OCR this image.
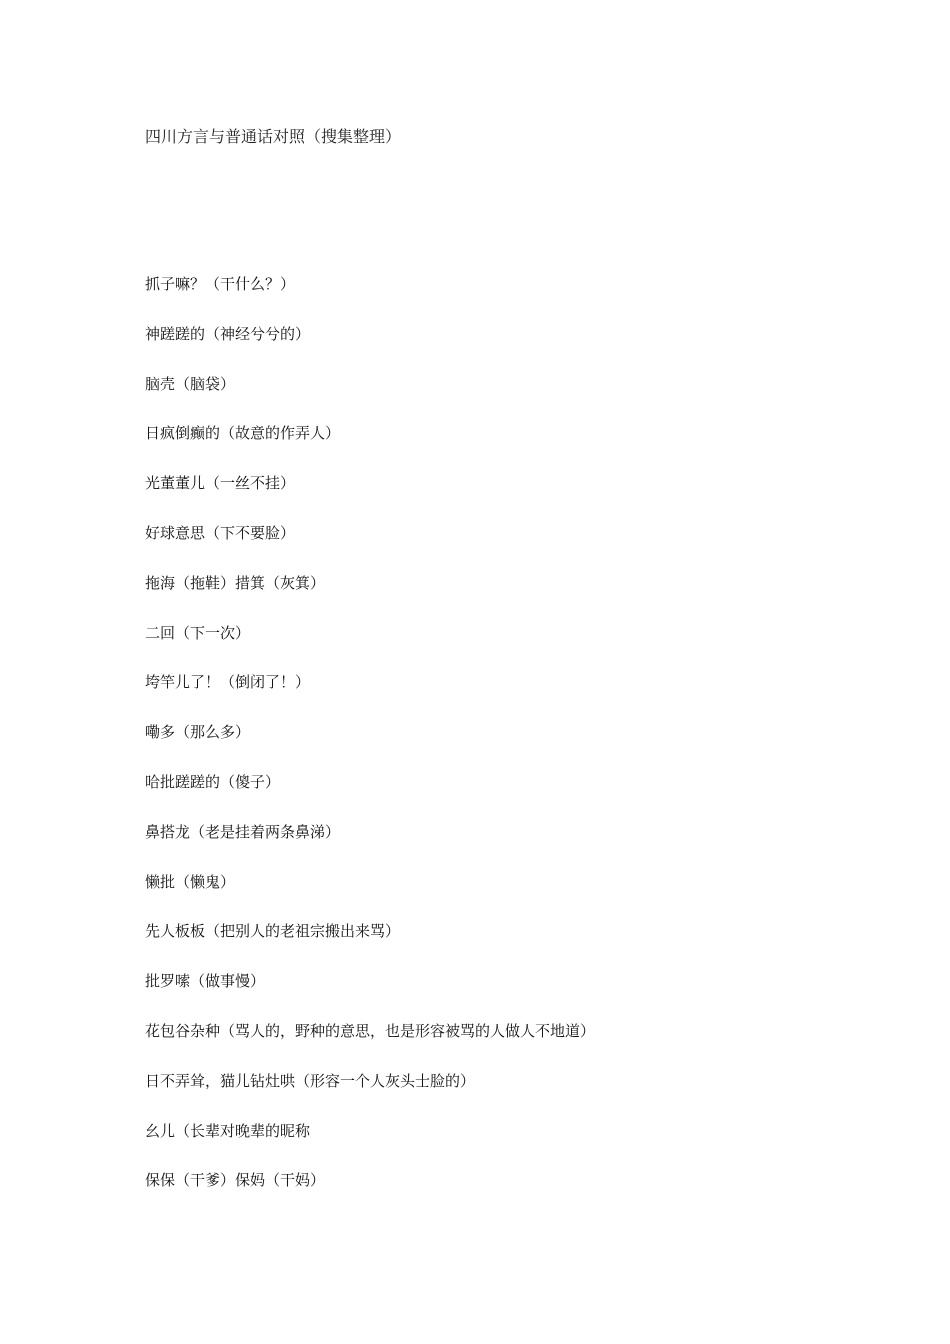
四川方言与普通话对照（搜集整理）
抓子嘛？（干什么？）
神蹉蹉的（神经兮兮的）
脑壳（脑袋）
日疯倒癫的（故意的作弄人）
光董董儿（一丝不挂）
好球意思（下不要脸）
拖海（拖鞋）措箕（灰箕）
二回（下一次）
垮竿儿了！（倒闭了！）
嘞多（那么多）
哈批蹉蹉的（傻子）
鼻搭龙（老是挂着两条鼻涕）
懒批（懒鬼）
先人板板（把别人的老祖宗搬出来骂）
批罗嗦（做事慢）
花包谷杂种（骂人的，野种的意思，也是形容被骂的人做人不地道）
日不弄耸，猫儿钻灶哄（形容一个人灰头士脸的）
幺儿（长辈对晚辈的昵称
保保（干爹）保妈（干妈）
